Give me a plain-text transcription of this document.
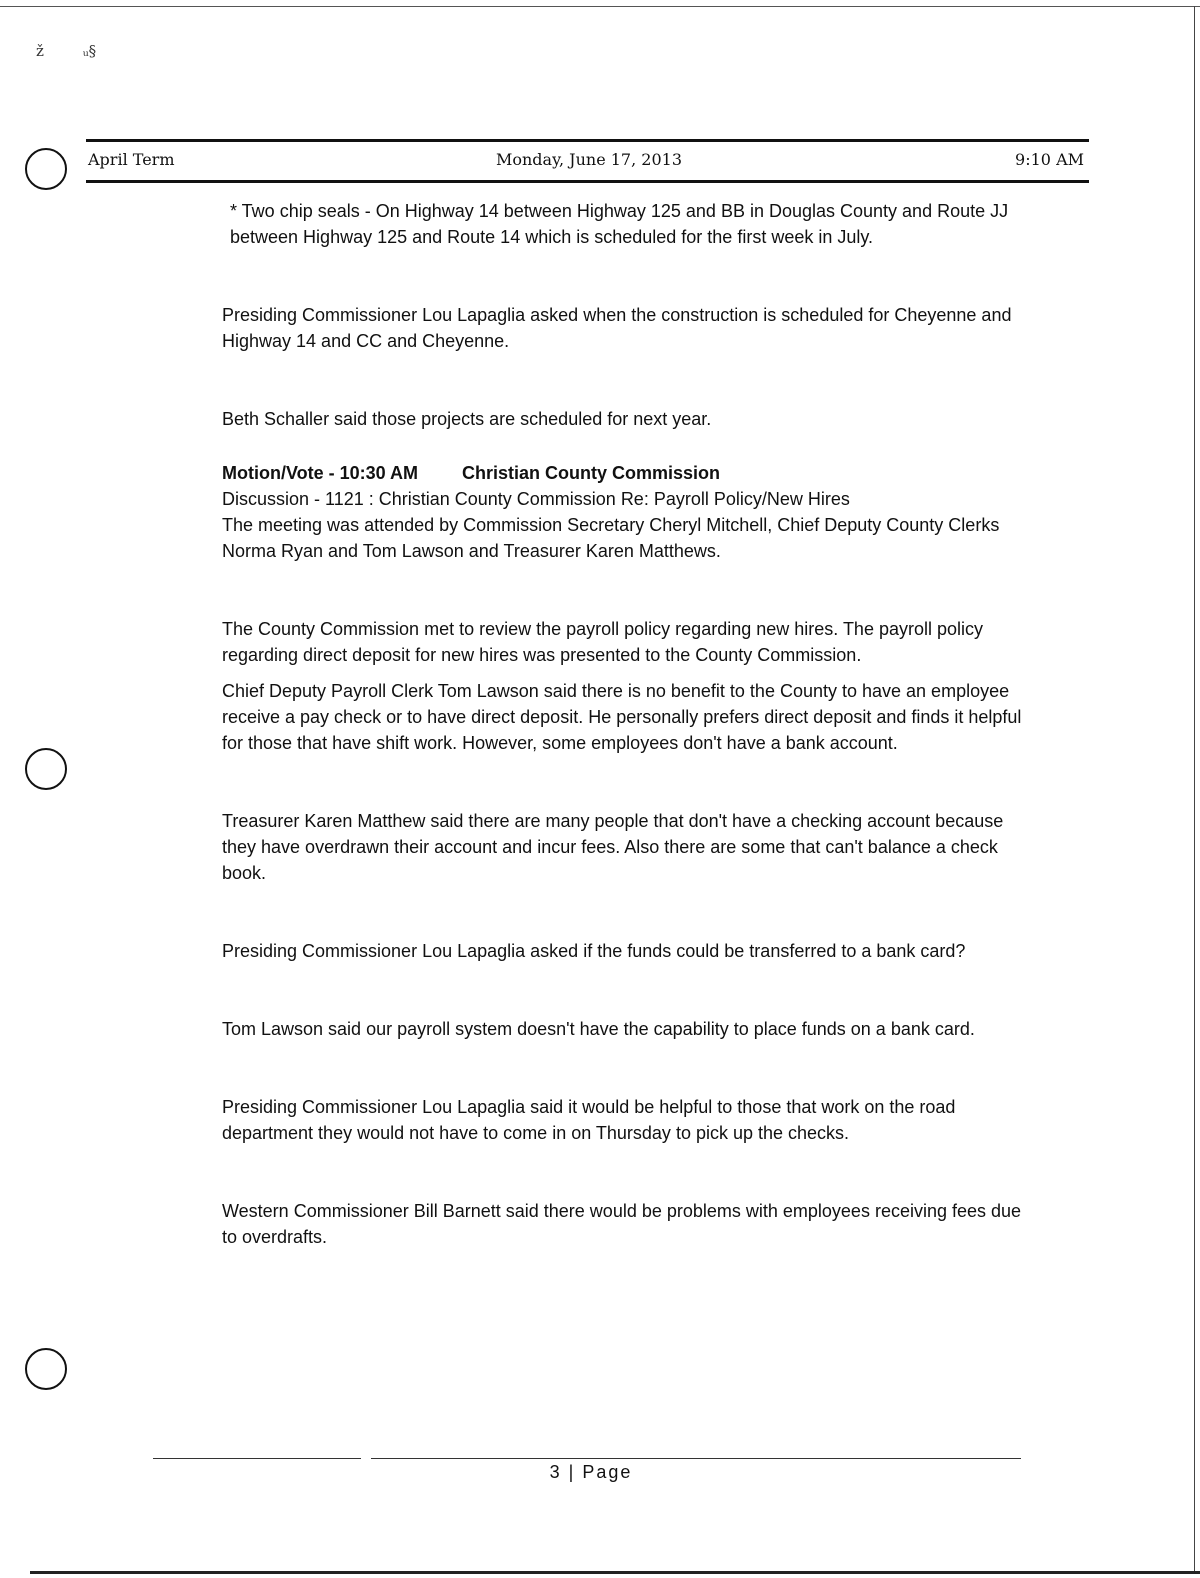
ž	ᵤ§
April Term	Monday, June 17, 2013	9:10 AM

* Two chip seals - On Highway 14 between Highway 125 and BB in Douglas County and Route JJ between Highway 125 and Route 14 which is scheduled for the first week in July.

Presiding Commissioner Lou Lapaglia asked when the construction is scheduled for Cheyenne and Highway 14 and CC and Cheyenne.

Beth Schaller said those projects are scheduled for next year.

Motion/Vote - 10:30 AM Christian County Commission

Discussion - 1121 : Christian County Commission Re: Payroll Policy/New Hires

The meeting was attended by Commission Secretary Cheryl Mitchell, Chief Deputy County Clerks Norma Ryan and Tom Lawson and Treasurer Karen Matthews.

The County Commission met to review the payroll policy regarding new hires. The payroll policy regarding direct deposit for new hires was presented to the County Commission.

Chief Deputy Payroll Clerk Tom Lawson said there is no benefit to the County to have an employee receive a pay check or to have direct deposit. He personally prefers direct deposit and finds it helpful for those that have shift work. However, some employees don't have a bank account.

Treasurer Karen Matthew said there are many people that don't have a checking account because they have overdrawn their account and incur fees. Also there are some that can't balance a check book.

Presiding Commissioner Lou Lapaglia asked if the funds could be transferred to a bank card?

Tom Lawson said our payroll system doesn't have the capability to place funds on a bank card.

Presiding Commissioner Lou Lapaglia said it would be helpful to those that work on the road department they would not have to come in on Thursday to pick up the checks.

Western Commissioner Bill Barnett said there would be problems with employees receiving fees due to overdrafts.

3 | Page
